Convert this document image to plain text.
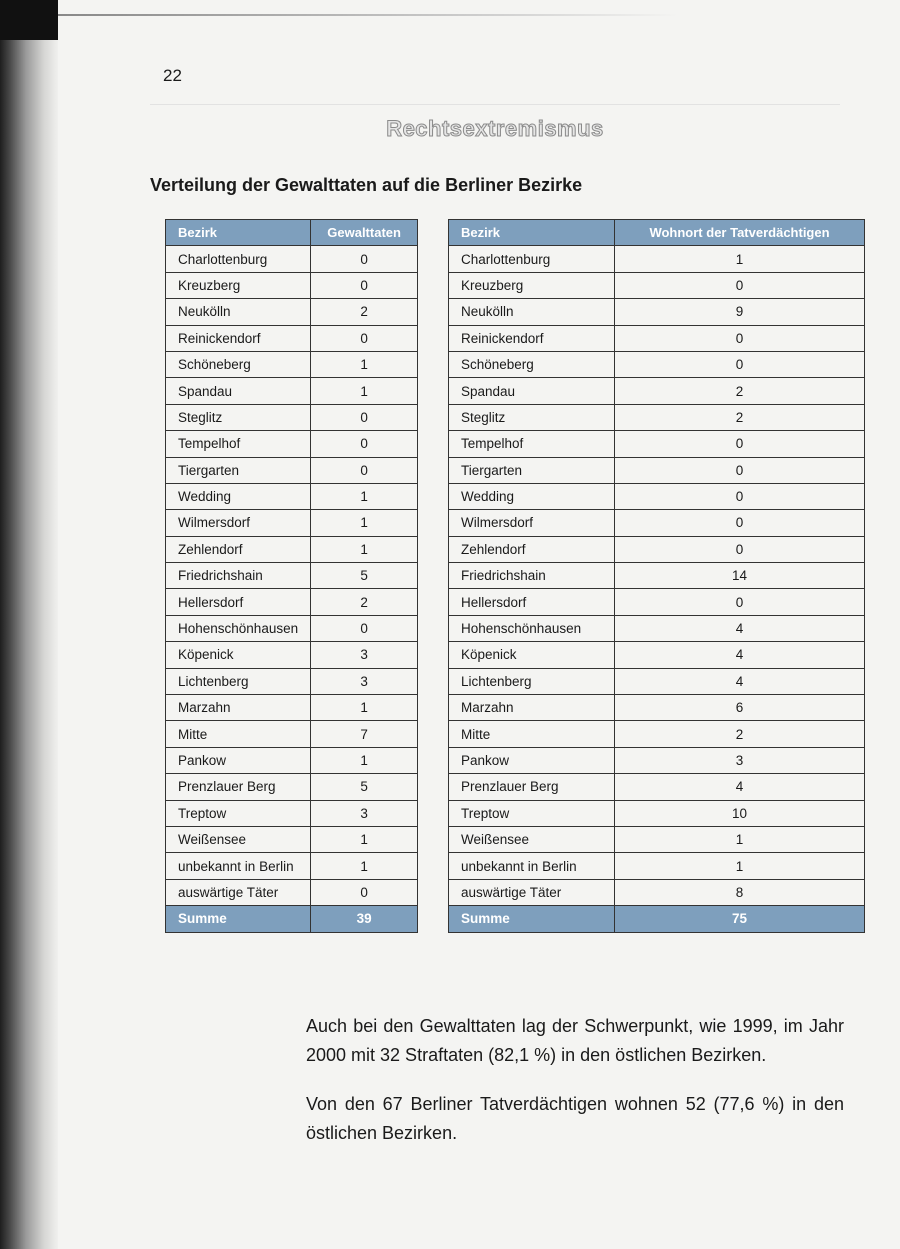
22
Rechtsextremismus
Verteilung der Gewalttaten auf die Berliner Bezirke
Bezirk	Gewalttaten
Charlottenburg	0
Kreuzberg	0
Neukölln	2
Reinickendorf	0
Schöneberg	1
Spandau	1
Steglitz	0
Tempelhof	0
Tiergarten	0
Wedding	1
Wilmersdorf	1
Zehlendorf	1
Friedrichshain	5
Hellersdorf	2
Hohenschönhausen	0
Köpenick	3
Lichtenberg	3
Marzahn	1
Mitte	7
Pankow	1
Prenzlauer Berg	5
Treptow	3
Weißensee	1
unbekannt in Berlin	1
auswärtige Täter	0
Summe	39
Bezirk	Wohnort der Tatverdächtigen
Charlottenburg	1
Kreuzberg	0
Neukölln	9
Reinickendorf	0
Schöneberg	0
Spandau	2
Steglitz	2
Tempelhof	0
Tiergarten	0
Wedding	0
Wilmersdorf	0
Zehlendorf	0
Friedrichshain	14
Hellersdorf	0
Hohenschönhausen	4
Köpenick	4
Lichtenberg	4
Marzahn	6
Mitte	2
Pankow	3
Prenzlauer Berg	4
Treptow	10
Weißensee	1
unbekannt in Berlin	1
auswärtige Täter	8
Summe	75

Auch bei den Gewalttaten lag der Schwerpunkt, wie 1999, im Jahr 2000 mit 32 Straftaten (82,1 %) in den östlichen Bezirken.

Von den 67 Berliner Tatverdächtigen wohnen 52 (77,6 %) in den östlichen Bezirken.
